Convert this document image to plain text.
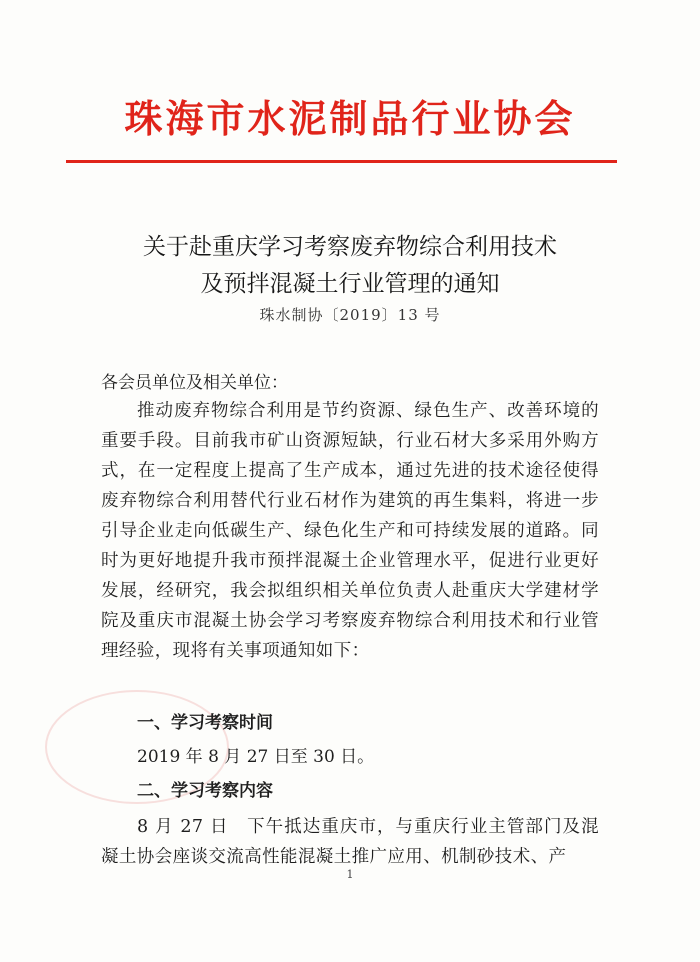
珠海市水泥制品行业协会
关于赴重庆学习考察废弃物综合利用技术
及预拌混凝土行业管理的通知
珠水制协〔2019〕13 号
各会员单位及相关单位：

推动废弃物综合利用是节约资源、绿色生产、改善环境的重要手段。目前我市矿山资源短缺，行业石材大多采用外购方式，在一定程度上提高了生产成本，通过先进的技术途径使得废弃物综合利用替代行业石材作为建筑的再生集料，将进一步引导企业走向低碳生产、绿色化生产和可持续发展的道路。同时为更好地提升我市预拌混凝土企业管理水平，促进行业更好发展，经研究，我会拟组织相关单位负责人赴重庆大学建材学院及重庆市混凝土协会学习考察废弃物综合利用技术和行业管理经验，现将有关事项通知如下：

一、学习考察时间
2019 年 8 月 27 日至 30 日。
二、学习考察内容

8 月 27 日　下午抵达重庆市，与重庆行业主管部门及混凝土协会座谈交流高性能混凝土推广应用、机制砂技术、产

1
